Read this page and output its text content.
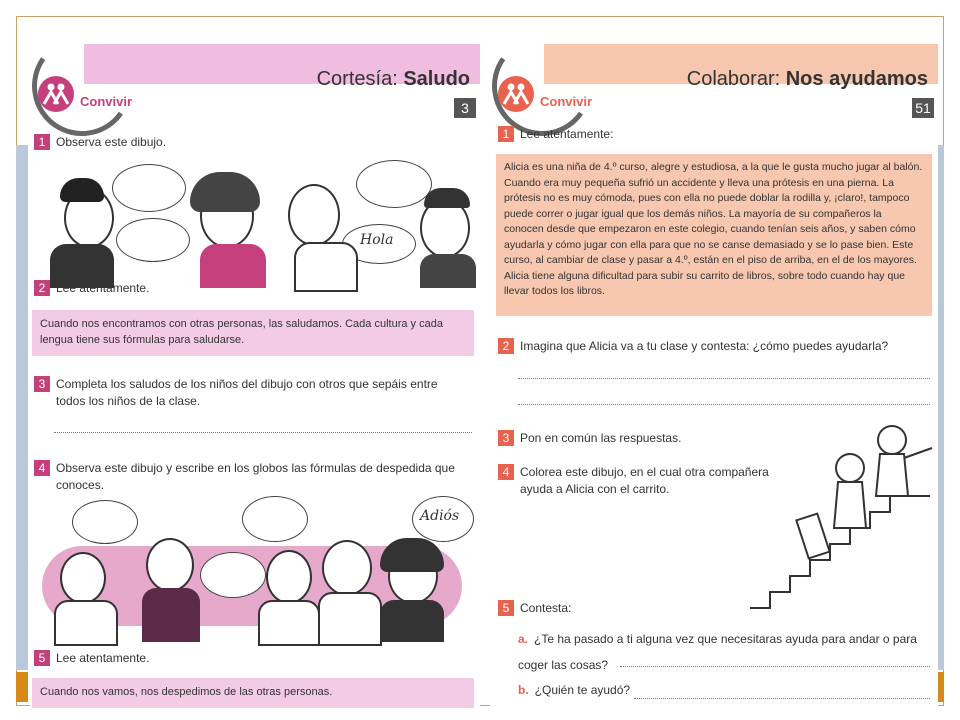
Convivir
Cortesía: Saludo
3
1 Observa este dibujo.
Hola
2 Lee atentamente.
Cuando nos encontramos con otras personas, las saludamos. Cada cultura y cada lengua tiene sus fórmulas para saludarse.
3 Completa los saludos de los niños del dibujo con otros que sepáis entre todos los niños de la clase.
4 Observa este dibujo y escribe en los globos las fórmulas de despedida que conoces.
Adiós
5 Lee atentamente.
Cuando nos vamos, nos despedimos de las otras personas.
Convivir
Colaborar: Nos ayudamos
51
1 Lee atentamente:
Alicia es una niña de 4.º curso, alegre y estudiosa, a la que le gusta mucho jugar al balón. Cuando era muy pequeña sufrió un accidente y lleva una prótesis en una pierna. La prótesis no es muy cómoda, pues con ella no puede doblar la rodilla y, ¡claro!, tampoco puede correr o jugar igual que los demás niños. La mayoría de su compañeros la conocen desde que empezaron en este colegio, cuando tenían seis años, y saben cómo ayudarla y cómo jugar con ella para que no se canse demasiado y se lo pase bien. Este curso, al cambiar de clase y pasar a 4.º, están en el piso de arriba, en el de los mayores. Alicia tiene alguna dificultad para subir su carrito de libros, sobre todo cuando hay que llevar todos los libros.
2 Imagina que Alicia va a tu clase y contesta: ¿cómo puedes ayudarla?
3 Pon en común las respuestas.
4 Colorea este dibujo, en el cual otra compañera ayuda a Alicia con el carrito.
5 Contesta:
a. ¿Te ha pasado a ti alguna vez que necesitaras ayuda para andar o para coger las cosas?
b. ¿Quién te ayudó?
